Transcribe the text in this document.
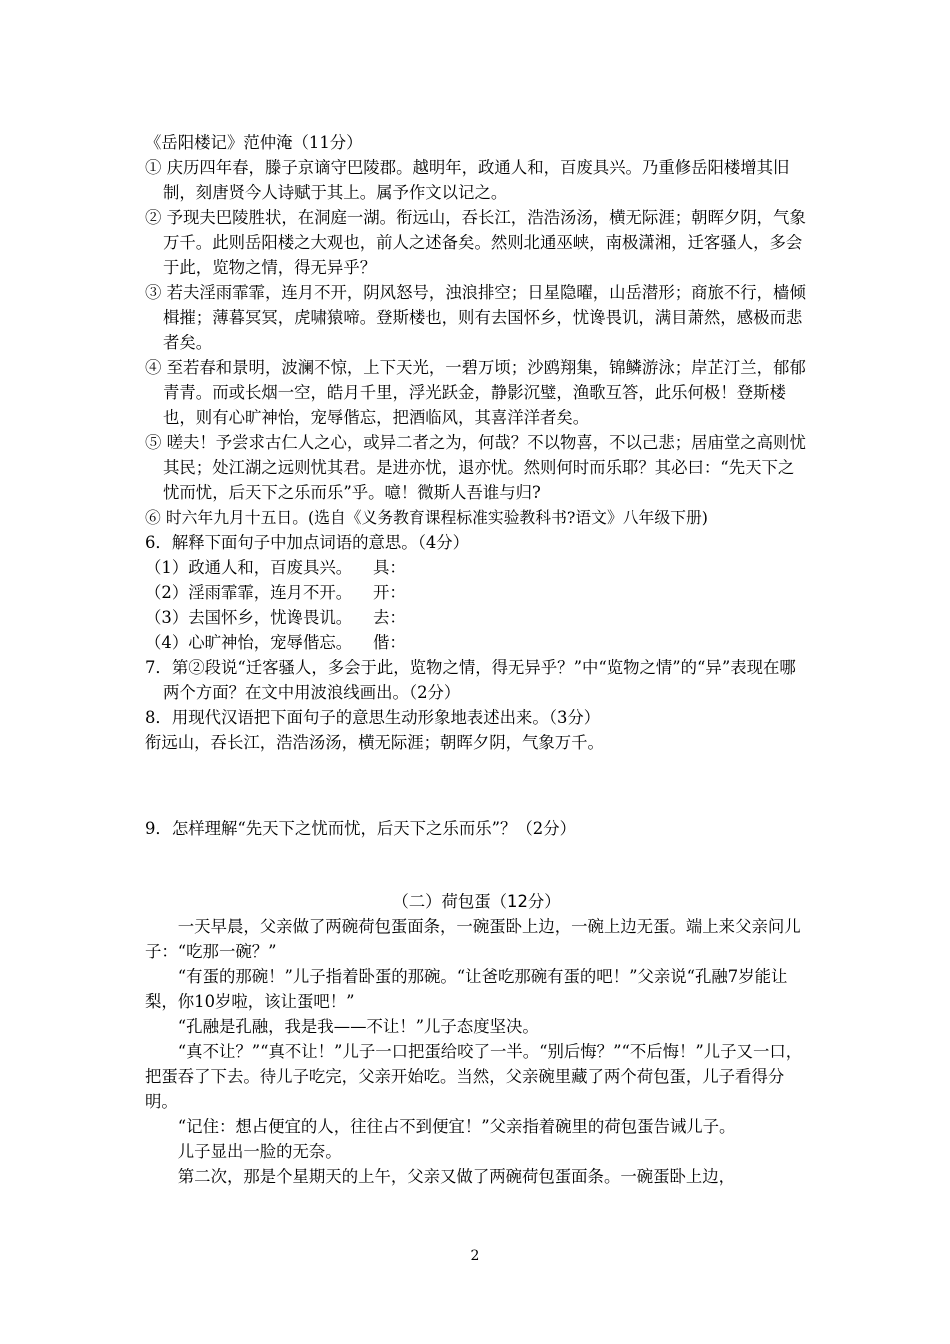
《岳阳楼记》范仲淹（11分）
① 庆历四年春，滕子京谪守巴陵郡。越明年，政通人和，百废具兴。乃重修岳阳楼增其旧制，刻唐贤今人诗赋于其上。属予作文以记之。
② 予现夫巴陵胜状，在洞庭一湖。衔远山，吞长江，浩浩汤汤，横无际涯；朝晖夕阴，气象万千。此则岳阳楼之大观也，前人之述备矣。然则北通巫峡，南极潇湘，迁客骚人，多会于此，览物之情，得无异乎？
③ 若夫淫雨霏霏，连月不开，阴风怒号，浊浪排空；日星隐曜，山岳潜形；商旅不行，樯倾楫摧；薄暮冥冥，虎啸猿啼。登斯楼也，则有去国怀乡，忧谗畏讥，满目萧然，感极而悲者矣。
④ 至若春和景明，波澜不惊，上下天光，一碧万顷；沙鸥翔集，锦鳞游泳；岸芷汀兰，郁郁青青。而或长烟一空，皓月千里，浮光跃金，静影沉璧，渔歌互答，此乐何极！登斯楼也，则有心旷神怡，宠辱偕忘，把酒临风，其喜洋洋者矣。
⑤ 嗟夫！予尝求古仁人之心，或异二者之为，何哉？不以物喜，不以己悲；居庙堂之高则忧其民；处江湖之远则忧其君。是进亦忧，退亦忧。然则何时而乐耶？其必曰：“先天下之忧而忧，后天下之乐而乐”乎。噫！微斯人吾谁与归?
⑥ 时六年九月十五日。(选自《义务教育课程标准实验教科书?语文》八年级下册)
6．解释下面句子中加点词语的意思。（4分）
（1）政通人和，百废具兴。    具：
（2）淫雨霏霏，连月不开。    开：
（3）去国怀乡，忧谗畏讥。    去：
（4）心旷神怡，宠辱偕忘。    偕：
7．第②段说“迁客骚人，多会于此，览物之情，得无异乎？”中“览物之情”的“异”表现在哪两个方面？在文中用波浪线画出。（2分）
8．用现代汉语把下面句子的意思生动形象地表述出来。（3分）
衔远山，吞长江，浩浩汤汤，横无际涯；朝晖夕阴，气象万千。
9．怎样理解“先天下之忧而忧，后天下之乐而乐”？（2分）
（二）荷包蛋（12分）
一天早晨，父亲做了两碗荷包蛋面条，一碗蛋卧上边，一碗上边无蛋。端上来父亲问儿子：“吃那一碗？”
“有蛋的那碗！”儿子指着卧蛋的那碗。“让爸吃那碗有蛋的吧！”父亲说“孔融7岁能让梨，你10岁啦，该让蛋吧！”
“孔融是孔融，我是我——不让！”儿子态度坚决。
“真不让？”“真不让！”儿子一口把蛋给咬了一半。“别后悔？”“不后悔！”儿子又一口，把蛋吞了下去。待儿子吃完，父亲开始吃。当然，父亲碗里藏了两个荷包蛋，儿子看得分明。
“记住：想占便宜的人，往往占不到便宜！”父亲指着碗里的荷包蛋告诫儿子。
儿子显出一脸的无奈。
第二次，那是个星期天的上午，父亲又做了两碗荷包蛋面条。一碗蛋卧上边，
2
